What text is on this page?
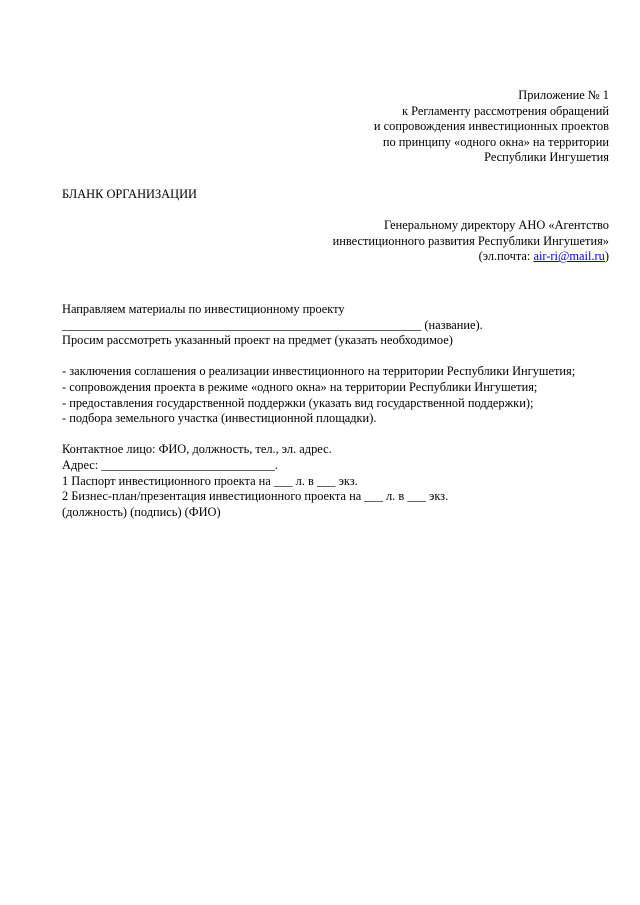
Приложение № 1
к Регламенту рассмотрения обращений
и сопровождения инвестиционных проектов
по принципу «одного окна» на территории
Республики Ингушетия
БЛАНК ОРГАНИЗАЦИИ
Генеральному директору АНО «Агентство
инвестиционного развития Республики Ингушетия»
(эл.почта: air-ri@mail.ru)
Направляем материалы по инвестиционному проекту
__________________________________________________________ (название).
Просим рассмотреть указанный проект на предмет (указать необходимое)
- заключения соглашения о реализации инвестиционного на территории Республики Ингушетия;
- сопровождения проекта в режиме «одного окна» на территории Республики Ингушетия;
- предоставления государственной поддержки (указать вид государственной поддержки);
- подбора земельного участка (инвестиционной площадки).
Контактное лицо: ФИО, должность, тел., эл. адрес.
Адрес: ____________________________.
1 Паспорт инвестиционного проекта на ___ л. в ___ экз.
2 Бизнес-план/презентация инвестиционного проекта на ___ л. в ___ экз.
(должность) (подпись) (ФИО)
